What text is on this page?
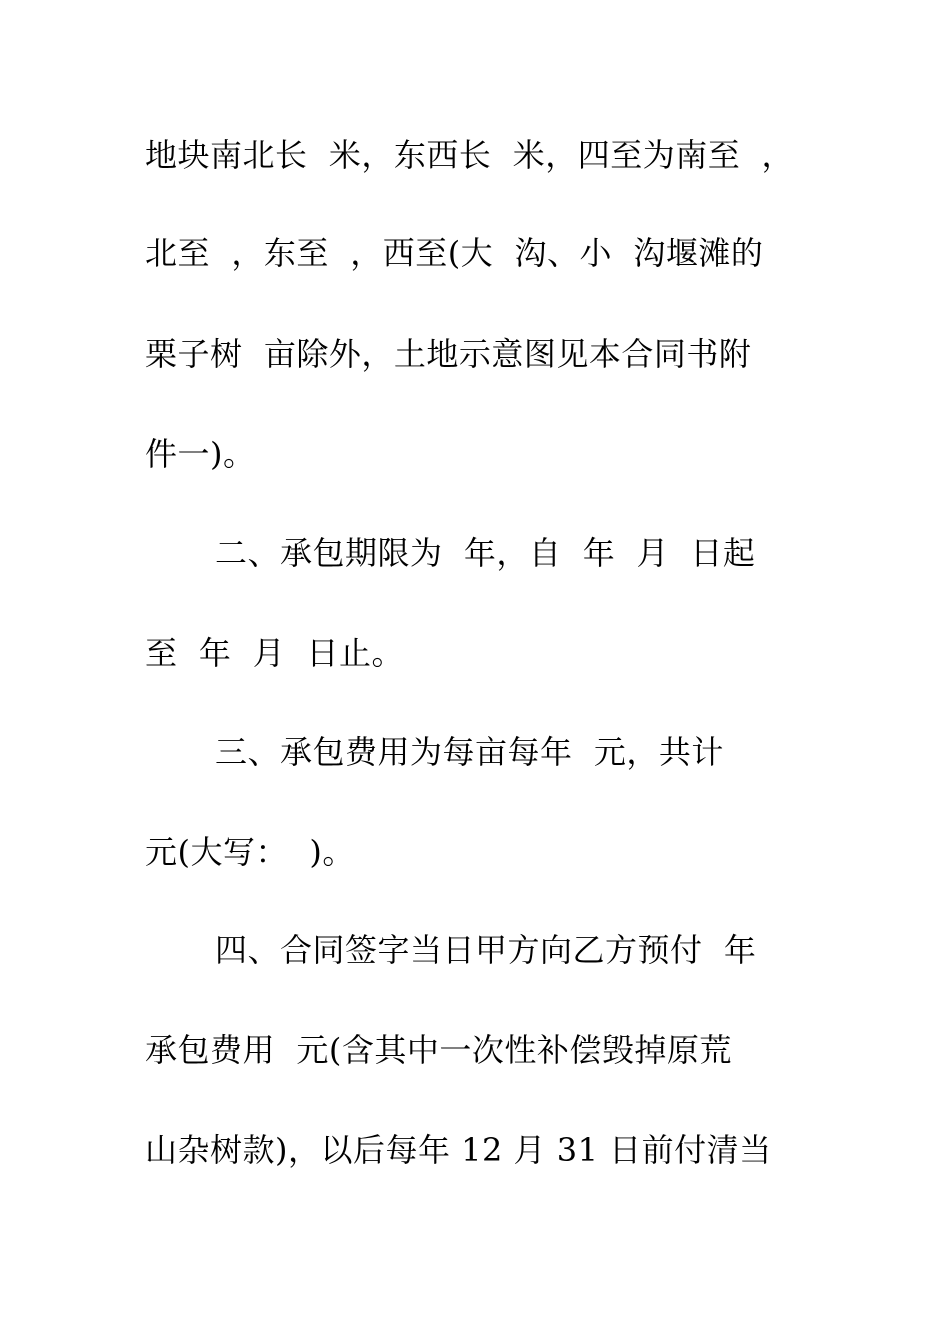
地块南北长  米，东西长  米，四至为南至  ，
北至  ，东至  ，西至(大  沟、小  沟堰滩的
栗子树  亩除外，土地示意图见本合同书附
件一)。
二、承包期限为  年，自  年  月  日起
至  年  月  日止。
三、承包费用为每亩每年  元，共计
元(大写：  )。
四、合同签字当日甲方向乙方预付  年
承包费用  元(含其中一次性补偿毁掉原荒
山杂树款)，以后每年 12 月 31 日前付清当
